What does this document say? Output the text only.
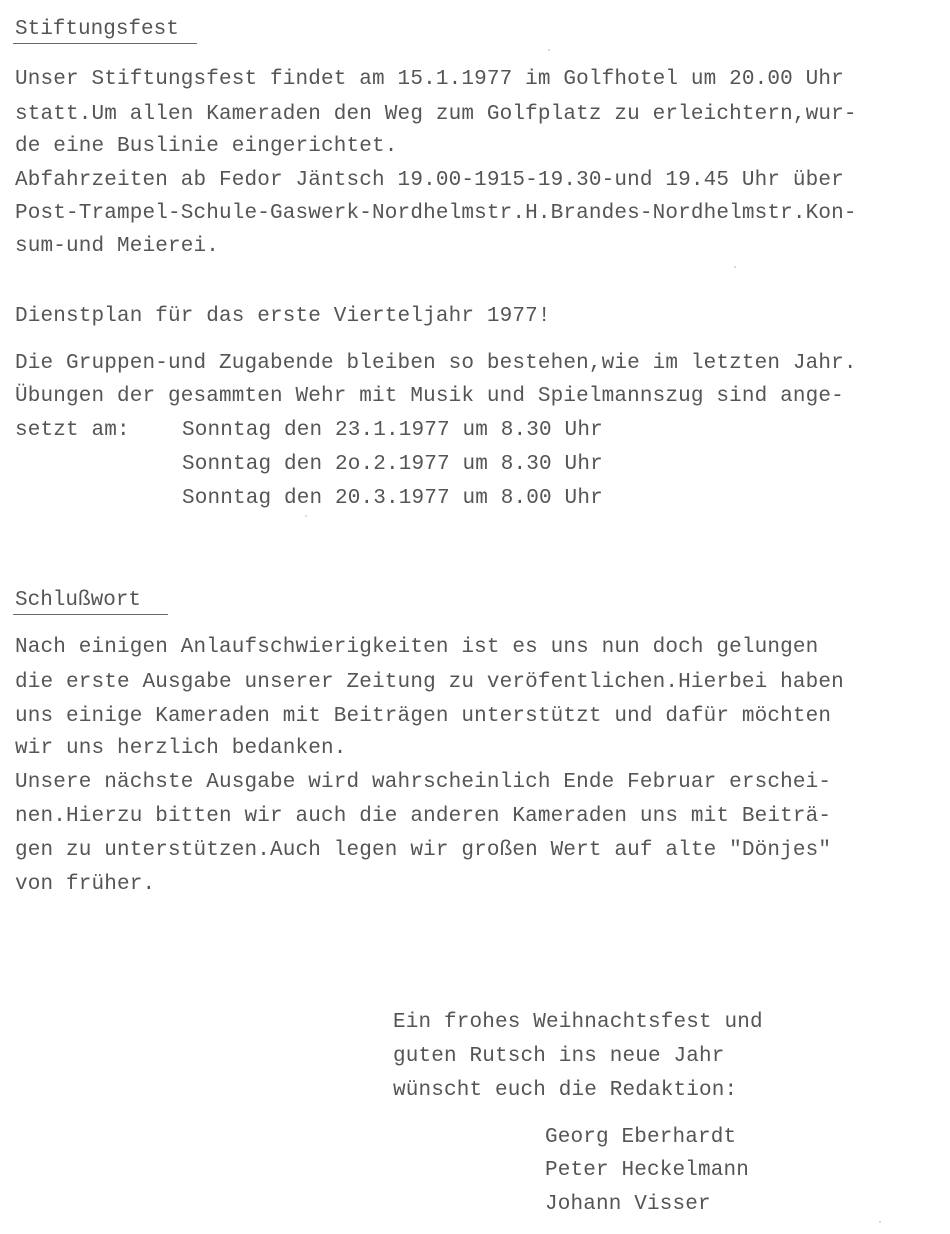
Stiftungsfest
Unser Stiftungsfest findet am 15.1.1977 im Golfhotel um 20.00 Uhr
statt.Um allen Kameraden den Weg zum Golfplatz zu erleichtern,wur-
de eine Buslinie eingerichtet.
Abfahrzeiten ab Fedor Jäntsch 19.00-1915-19.30-und 19.45 Uhr über
Post-Trampel-Schule-Gaswerk-Nordhelmstr.H.Brandes-Nordhelmstr.Kon-
sum-und Meierei.
Dienstplan für das erste Vierteljahr 1977!
Die Gruppen-und Zugabende bleiben so bestehen,wie im letzten Jahr.
Übungen der gesammten Wehr mit Musik und Spielmannszug sind ange-
setzt am: Sonntag den 23.1.1977 um 8.30 Uhr
Sonntag den 2o.2.1977 um 8.30 Uhr
Sonntag den 20.3.1977 um 8.00 Uhr
Schlußwort
Nach einigen Anlaufschwierigkeiten ist es uns nun doch gelungen
die erste Ausgabe unserer Zeitung zu veröfentlichen.Hierbei haben
uns einige Kameraden mit Beiträgen unterstützt und dafür möchten
wir uns herzlich bedanken.
Unsere nächste Ausgabe wird wahrscheinlich Ende Februar erschei-
nen.Hierzu bitten wir auch die anderen Kameraden uns mit Beiträ-
gen zu unterstützen.Auch legen wir großen Wert auf alte "Dönjes"
von früher.
Ein frohes Weihnachtsfest und
guten Rutsch ins neue Jahr
wünscht euch die Redaktion:
Georg Eberhardt
Peter Heckelmann
Johann Visser
